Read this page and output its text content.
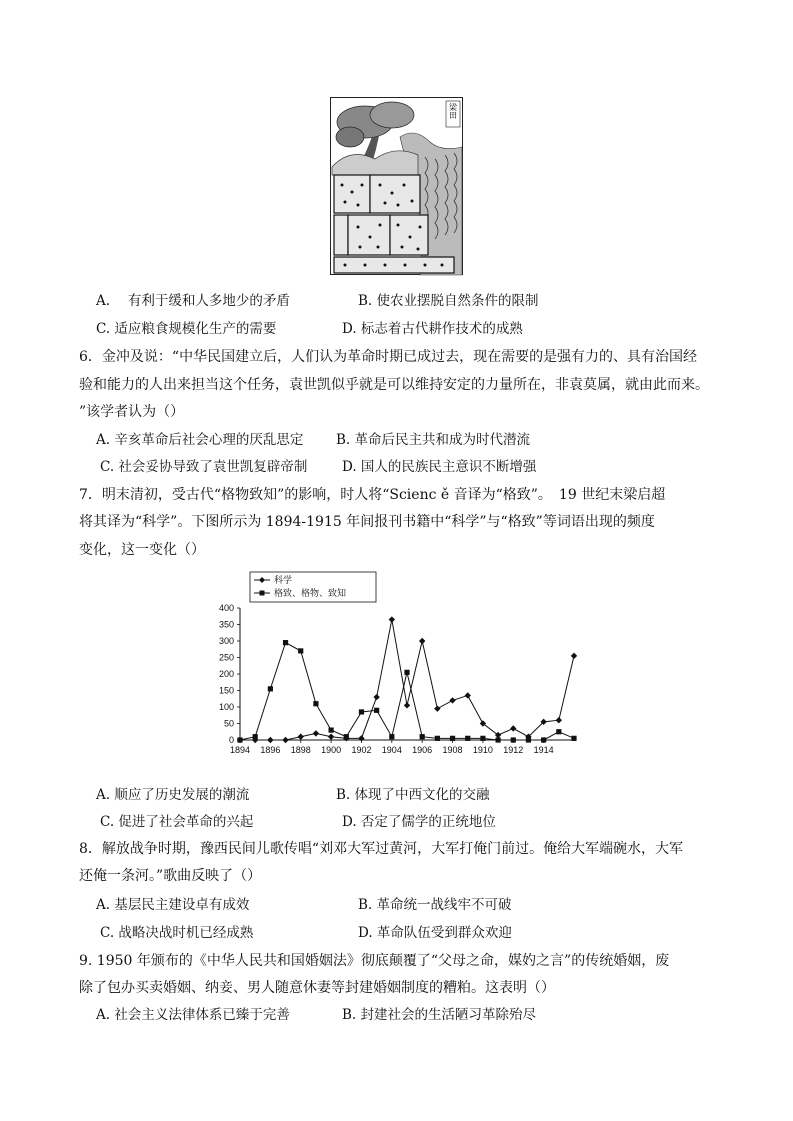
梁田
A.　 有利于缓和人多地少的矛盾	B. 使农业摆脱自然条件的限制
C. 适应粮食规模化生产的需要	D. 标志着古代耕作技术的成熟
6．金冲及说：“中华民国建立后，人们认为革命时期已成过去，现在需要的是强有力的、具有治国经
验和能力的人出来担当这个任务，袁世凯似乎就是可以维持安定的力量所在，非袁莫属，就由此而来。
”该学者认为（）
A. 辛亥革命后社会心理的厌乱思定 B. 革命后民主共和成为时代潜流
C. 社会妥协导致了袁世凯复辟帝制	D. 国人的民族民主意识不断增强
7．明末清初，受古代“格物致知”的影响，时人将“Scienc ě 音译为“格致”。　19 世纪末梁启超
将其译为“科学”。下图所示为 1894-1915 年间报刊书籍中“科学”与“格致”等词语出现的频度
变化，这一变化（）
0
50
100
150
200
250
300
350
400
1894 1896 1898 1900 1902 1904 1906 1908 1910 1912 1914
科学
格致、格物、致知
A. 顺应了历史发展的潮流	B. 体现了中西文化的交融
C. 促进了社会革命的兴起	D. 否定了儒学的正统地位
8．解放战争时期，豫西民间儿歌传唱“刘邓大军过黄河，大军打俺门前过。俺给大军端碗水，大军
还俺一条河。”歌曲反映了（）
A. 基层民主建设卓有成效	B. 革命统一战线牢不可破
C. 战略决战时机已经成熟	D. 革命队伍受到群众欢迎
9. 1950 年颁布的《中华人民共和国婚姻法》彻底颠覆了“父母之命，媒妁之言”的传统婚姻，废
除了包办买卖婚姻、纳妾、男人随意休妻等封建婚姻制度的糟粕。这表明（）
A. 社会主义法律体系已臻于完善	B. 封建社会的生活陋习革除殆尽
